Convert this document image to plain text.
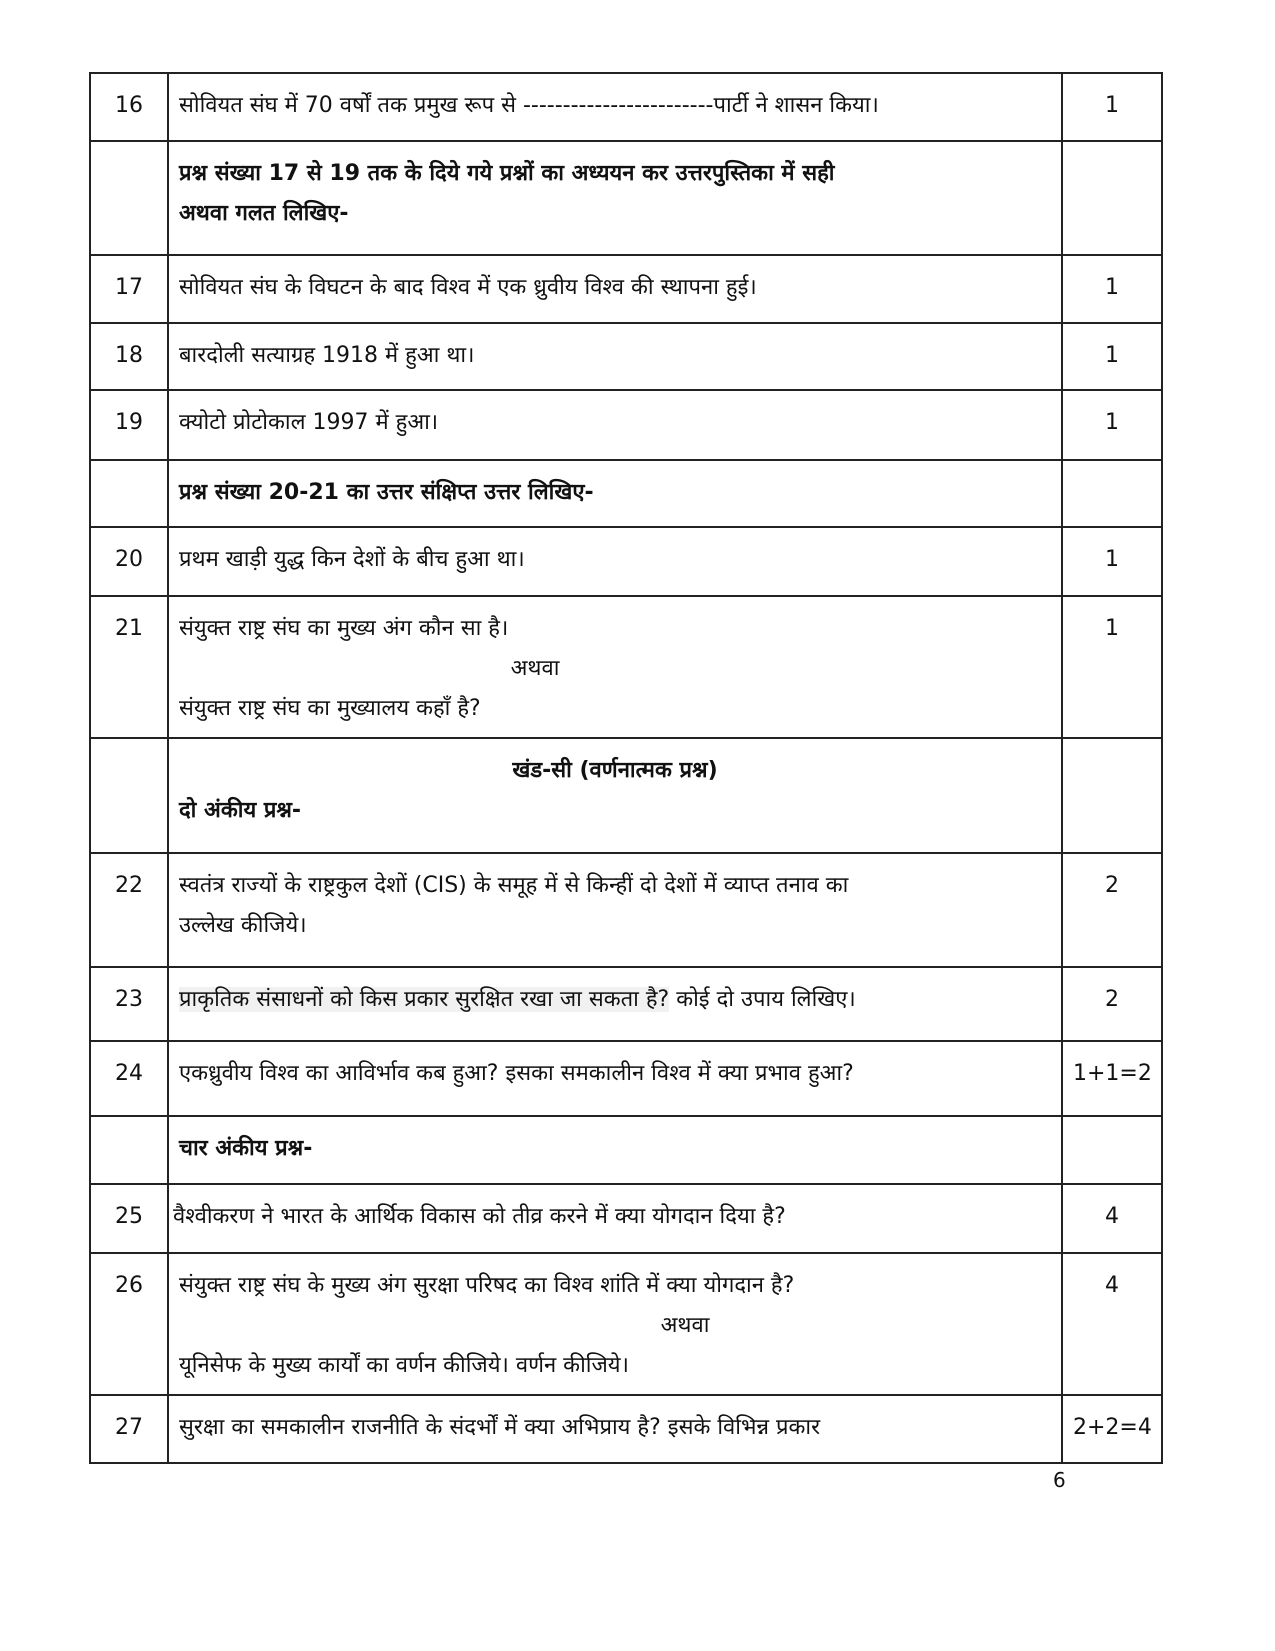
16	सोवियत संघ में 70 वर्षों तक प्रमुख रूप से ------------------------पार्टी ने शासन किया।	1

	प्रश्न संख्या 17 से 19 तक के दिये गये प्रश्नों का अध्ययन कर उत्तरपुस्तिका में सही
अथवा गलत लिखिए-	

17	सोवियत संघ के विघटन के बाद विश्व में एक ध्रुवीय विश्व की स्थापना हुई।	1
18	बारदोली सत्याग्रह 1918 में हुआ था।	1
19	क्योटो प्रोटोकाल 1997 में हुआ।	1
	प्रश्न संख्या 20-21 का उत्तर संक्षिप्त उत्तर लिखिए-	
20	प्रथम खाड़ी युद्ध किन देशों के बीच हुआ था।	1
21	संयुक्त राष्ट्र संघ का मुख्य अंग कौन सा है।
अथवा
संयुक्त राष्ट्र संघ का मुख्यालय कहाँ है?	1

	खंड-सी (वर्णनात्मक प्रश्न)
दो अंकीय प्रश्न-	

22	स्वतंत्र राज्यों के राष्ट्रकुल देशों (CIS) के समूह में से किन्हीं दो देशों में व्याप्त तनाव का
उल्लेख कीजिये।	2
23	प्राकृतिक संसाधनों को किस प्रकार सुरक्षित रखा जा सकता है? कोई दो उपाय लिखिए।	2
24	एकध्रुवीय विश्व का आविर्भाव कब हुआ? इसका समकालीन विश्व में क्या प्रभाव हुआ?	1+1=2
	चार अंकीय प्रश्न-	
25	वैश्वीकरण ने भारत के आर्थिक विकास को तीव्र करने में क्या योगदान दिया है?	4
26	संयुक्त राष्ट्र संघ के मुख्य अंग सुरक्षा परिषद का विश्व शांति में क्या योगदान है?
अथवा
यूनिसेफ के मुख्य कार्यों का वर्णन कीजिये। वर्णन कीजिये।	4
27	सुरक्षा का समकालीन राजनीति के संदर्भों में क्या अभिप्राय है? इसके विभिन्न प्रकार	2+2=4
6
